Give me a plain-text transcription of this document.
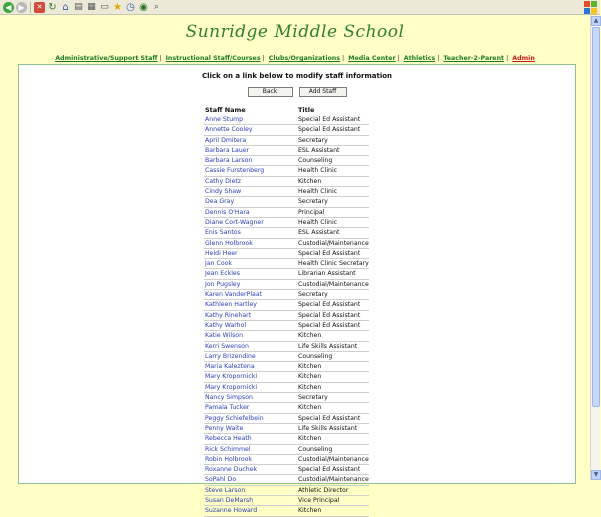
◀ ▶	✕ ↻ ⌂ ▤ ▦ ▭ ★ ◷ ◉ ⌕
▲
▼
Sunridge Middle School
Administrative/Support Staff | Instructional Staff/Courses | Clubs/Organizations | Media Center | Athletics | Teacher-2-Parent | Admin
Click on a link below to modify staff information
Back	Add Staff
Staff Name	Title
Anne Stump	Special Ed Assistant
Annette Cooley	Special Ed Assistant
April Dmitera	Secretary
Barbara Lauer	ESL Assistant
Barbara Larson	Counseling
Cassie Furstenberg	Health Clinic
Cathy Dietz	Kitchen
Cindy Shaw	Health Clinic
Dea Gray	Secretary
Dennis O'Hara	Principal
Diane Cort-Wagner	Health Clinic
Enis Santos	ESL Assistant
Glenn Holbrook	Custodial/Maintenance
Heidi Heer	Special Ed Assistant
Jan Cook	Health Clinic Secretary
Jean Eckles	Librarian Assistant
Jon Pugsley	Custodial/Maintenance
Karen VanderPlaat	Secretary
Kathleen Hartley	Special Ed Assistant
Kathy Rinehart	Special Ed Assistant
Kathy Warhol	Special Ed Assistant
Katie Wilson	Kitchen
Kerri Swenson	Life Skills Assistant
Larry Brizendine	Counseling
Maria Kaleztena	Kitchen
Mary Kropornicki	Kitchen
Mary Kropornicki	Kitchen
Nancy Simpson	Secretary
Pamala Tucker	Kitchen
Peggy Schiefelbein	Special Ed Assistant
Penny Waite	Life Skills Assistant
Rebecca Heath	Kitchen
Rick Schimmel	Counseling
Robin Holbrook	Custodial/Maintenance
Roxanne Duchek	Special Ed Assistant
SoPahl Do	Custodial/Maintenance
Steve Larson	Athletic Director
Susan DeMarsh	Vice Principal
Suzanne Howard	Kitchen
